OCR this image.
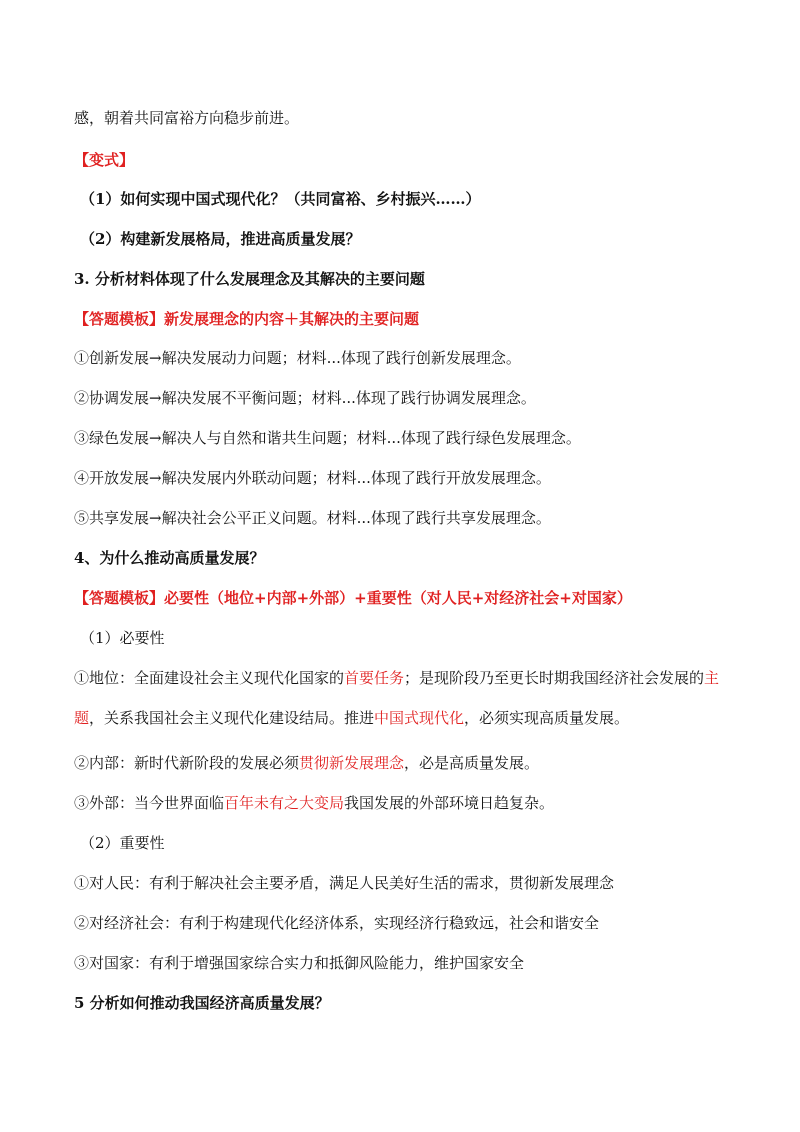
感，朝着共同富裕方向稳步前进。
【变式】
（1）如何实现中国式现代化？（共同富裕、乡村振兴……）
（2）构建新发展格局，推进高质量发展？
3. 分析材料体现了什么发展理念及其解决的主要问题
【答题模板】新发展理念的内容＋其解决的主要问题
①创新发展→解决发展动力问题；材料...体现了践行创新发展理念。
②协调发展→解决发展不平衡问题；材料...体现了践行协调发展理念。
③绿色发展→解决人与自然和谐共生问题；材料...体现了践行绿色发展理念。
④开放发展→解决发展内外联动问题；材料...体现了践行开放发展理念。
⑤共享发展→解决社会公平正义问题。材料...体现了践行共享发展理念。
4、为什么推动高质量发展？
【答题模板】必要性（地位+内部+外部）+重要性（对人民+对经济社会+对国家）
（1）必要性
①地位：全面建设社会主义现代化国家的首要任务；是现阶段乃至更长时期我国经济社会发展的主题，关系我国社会主义现代化建设结局。推进中国式现代化，必须实现高质量发展。
②内部：新时代新阶段的发展必须贯彻新发展理念，必是高质量发展。
③外部：当今世界面临百年未有之大变局我国发展的外部环境日趋复杂。
（2）重要性
①对人民：有利于解决社会主要矛盾，满足人民美好生活的需求，贯彻新发展理念
②对经济社会：有利于构建现代化经济体系，实现经济行稳致远，社会和谐安全
③对国家：有利于增强国家综合实力和抵御风险能力，维护国家安全
5 分析如何推动我国经济高质量发展？
